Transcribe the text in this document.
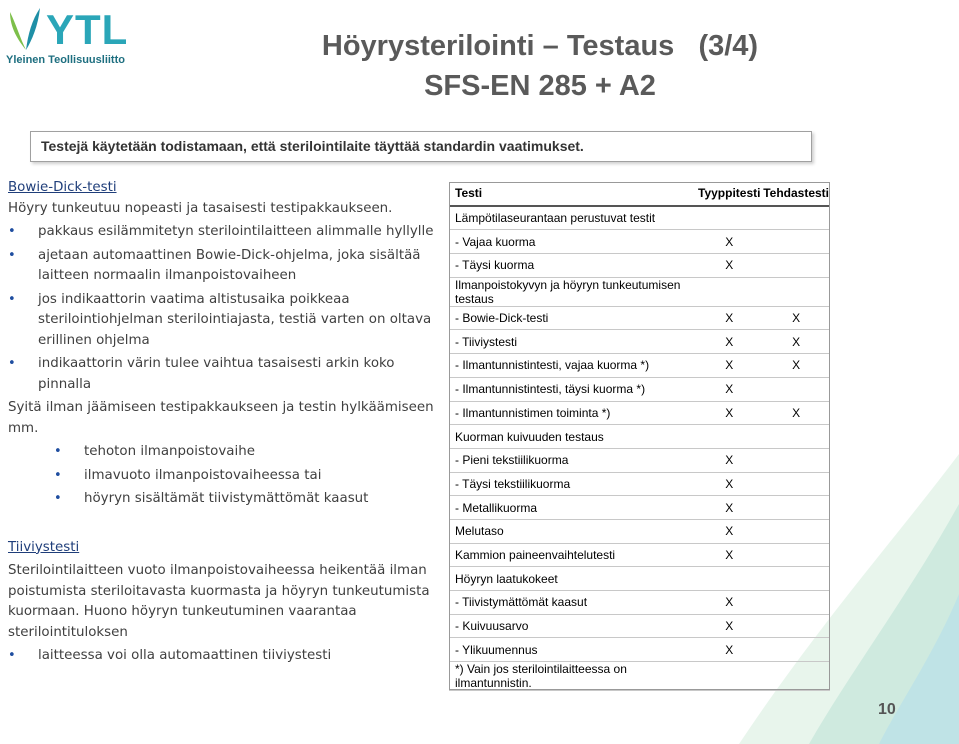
YTL
Yleinen Teollisuusliitto	Höyrysterilointi – Testaus   (3/4)
SFS-EN 285 + A2
Testejä käytetään todistamaan, että sterilointilaite täyttää standardin vaatimukset.
Bowie-Dick-testi

Höyry tunkeutuu nopeasti ja tasaisesti testipakkaukseen.

• pakkaus esilämmitetyn sterilointilaitteen alimmalle hyllylle
• ajetaan automaattinen Bowie-Dick-ohjelma, joka sisältää laitteen normaalin ilmanpoistovaiheen
• jos indikaattorin vaatima altistusaika poikkeaa sterilointiohjelman sterilointiajasta, testiä varten on oltava erillinen ohjelma
• indikaattorin värin tulee vaihtua tasaisesti arkin koko pinnalla

Syitä ilman jäämiseen testipakkaukseen ja testin hylkäämiseen mm.

• tehoton ilmanpoistovaihe
• ilmavuoto ilmanpoistovaiheessa tai
• höyryn sisältämät tiivistymättömät kaasut
Tiiviystesti

Sterilointilaitteen vuoto ilmanpoistovaiheessa heikentää ilman poistumista steriloitavasta kuormasta ja höyryn tunkeutumista kuormaan. Huono höyryn tunkeutuminen vaarantaa sterilointituloksen

• laitteessa voi olla automaattinen tiiviystesti
Testi	Tyyppitesti	Tehdastesti
Lämpötilaseurantaan perustuvat testit		
- Vajaa kuorma	X	
- Täysi kuorma	X	
Ilmanpoistokyvyn ja höyryn tunkeutumisen testaus		
- Bowie-Dick-testi	X	X
- Tiiviystesti	X	X
- Ilmantunnistintesti, vajaa kuorma *)	X	X
- Ilmantunnistintesti, täysi kuorma *)	X	
- Ilmantunnistimen toiminta *)	X	X
Kuorman kuivuuden testaus		
- Pieni tekstiilikuorma	X	
- Täysi tekstiilikuorma	X	
- Metallikuorma	X	
Melutaso	X	
Kammion paineenvaihtelutesti	X	
Höyryn laatukokeet		
- Tiivistymättömät kaasut	X	
- Kuivuusarvo	X	
- Ylikuumennus	X	
*) Vain jos sterilointilaitteessa on ilmantunnistin.		
10
